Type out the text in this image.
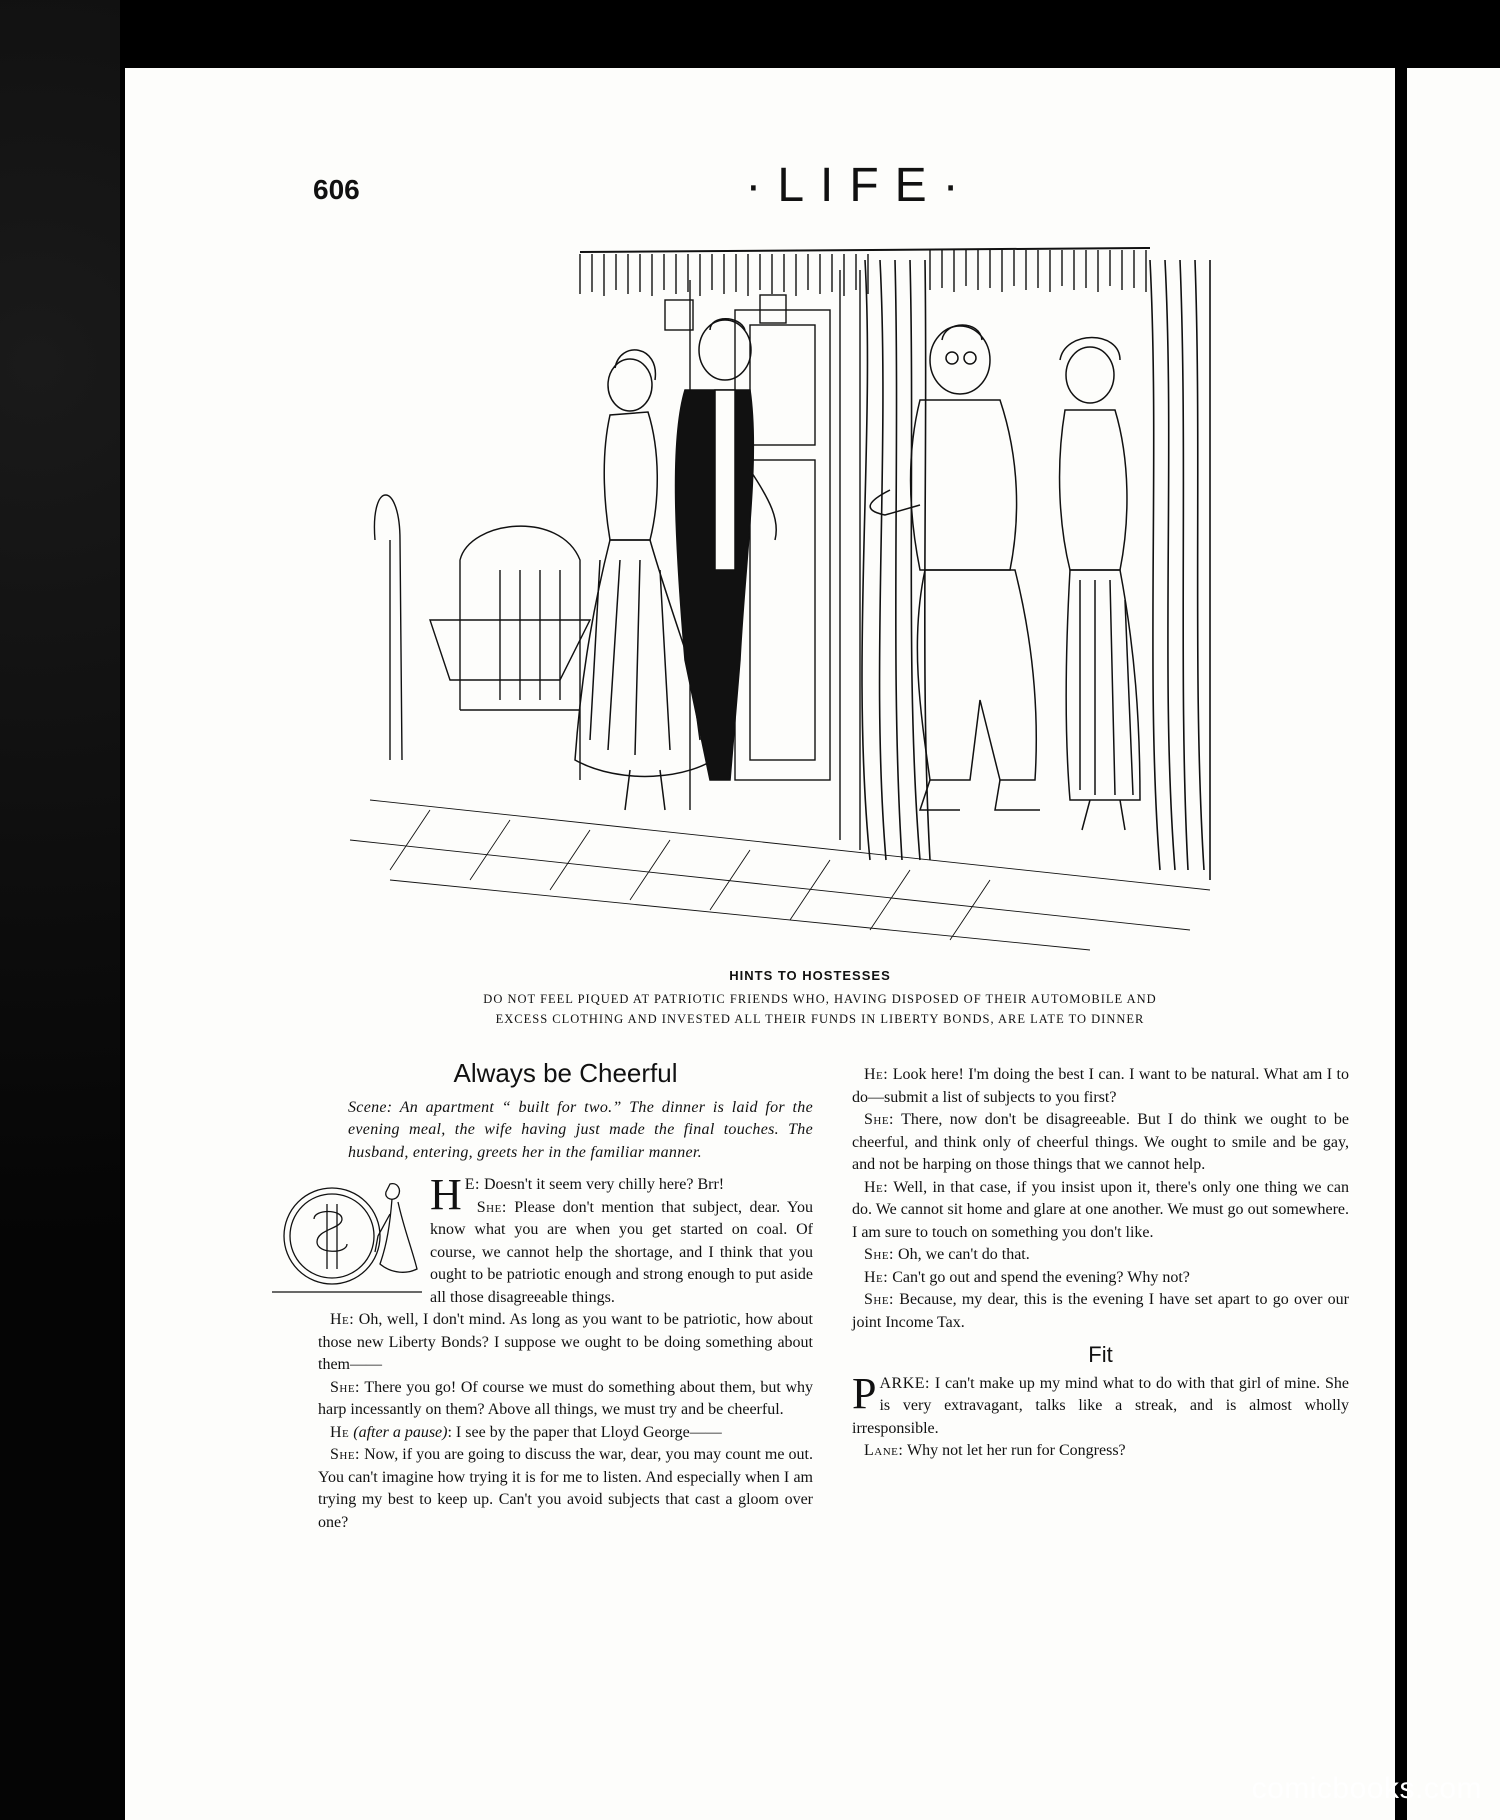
606	·LIFE·
HINTS TO HOSTESSES
DO NOT FEEL PIQUED AT PATRIOTIC FRIENDS WHO, HAVING DISPOSED OF THEIR AUTOMOBILE AND
EXCESS CLOTHING AND INVESTED ALL THEIR FUNDS IN LIBERTY BONDS, ARE LATE TO DINNER
Always be Cheerful

Scene: An apartment “ built for two.” The dinner is laid for the evening meal, the wife having just made the final touches. The husband, entering, greets her in the familiar manner.

H E: Doesn't it seem very chilly here? Brr!

She: Please don't mention that subject, dear. You know what you are when you get started on coal. Of course, we cannot help the shortage, and I think that you ought to be patriotic enough and strong enough to put aside all those disagreeable things.

He: Oh, well, I don't mind. As long as you want to be patriotic, how about those new Liberty Bonds? I suppose we ought to be doing something about them——

She: There you go! Of course we must do something about them, but why harp incessantly on them? Above all things, we must try and be cheerful.

He (after a pause): I see by the paper that Lloyd George——

She: Now, if you are going to discuss the war, dear, you may count me out. You can't imagine how trying it is for me to listen. And especially when I am trying my best to keep up. Can't you avoid subjects that cast a gloom over one?

He: Look here! I'm doing the best I can. I want to be natural. What am I to do—submit a list of subjects to you first?

She: There, now don't be disagreeable. But I do think we ought to be cheerful, and think only of cheerful things. We ought to smile and be gay, and not be harping on those things that we cannot help.

He: Well, in that case, if you insist upon it, there's only one thing we can do. We cannot sit home and glare at one another. We must go out somewhere. I am sure to touch on something you don't like.

She: Oh, we can't do that.

He: Can't go out and spend the evening? Why not?

She: Because, my dear, this is the evening I have set apart to go over our joint Income Tax.

Fit

PARKE: I can't make up my mind what to do with that girl of mine. She is very extravagant, talks like a streak, and is almost wholly irresponsible.

Lane: Why not let her run for Congress?

comicbooks.com
